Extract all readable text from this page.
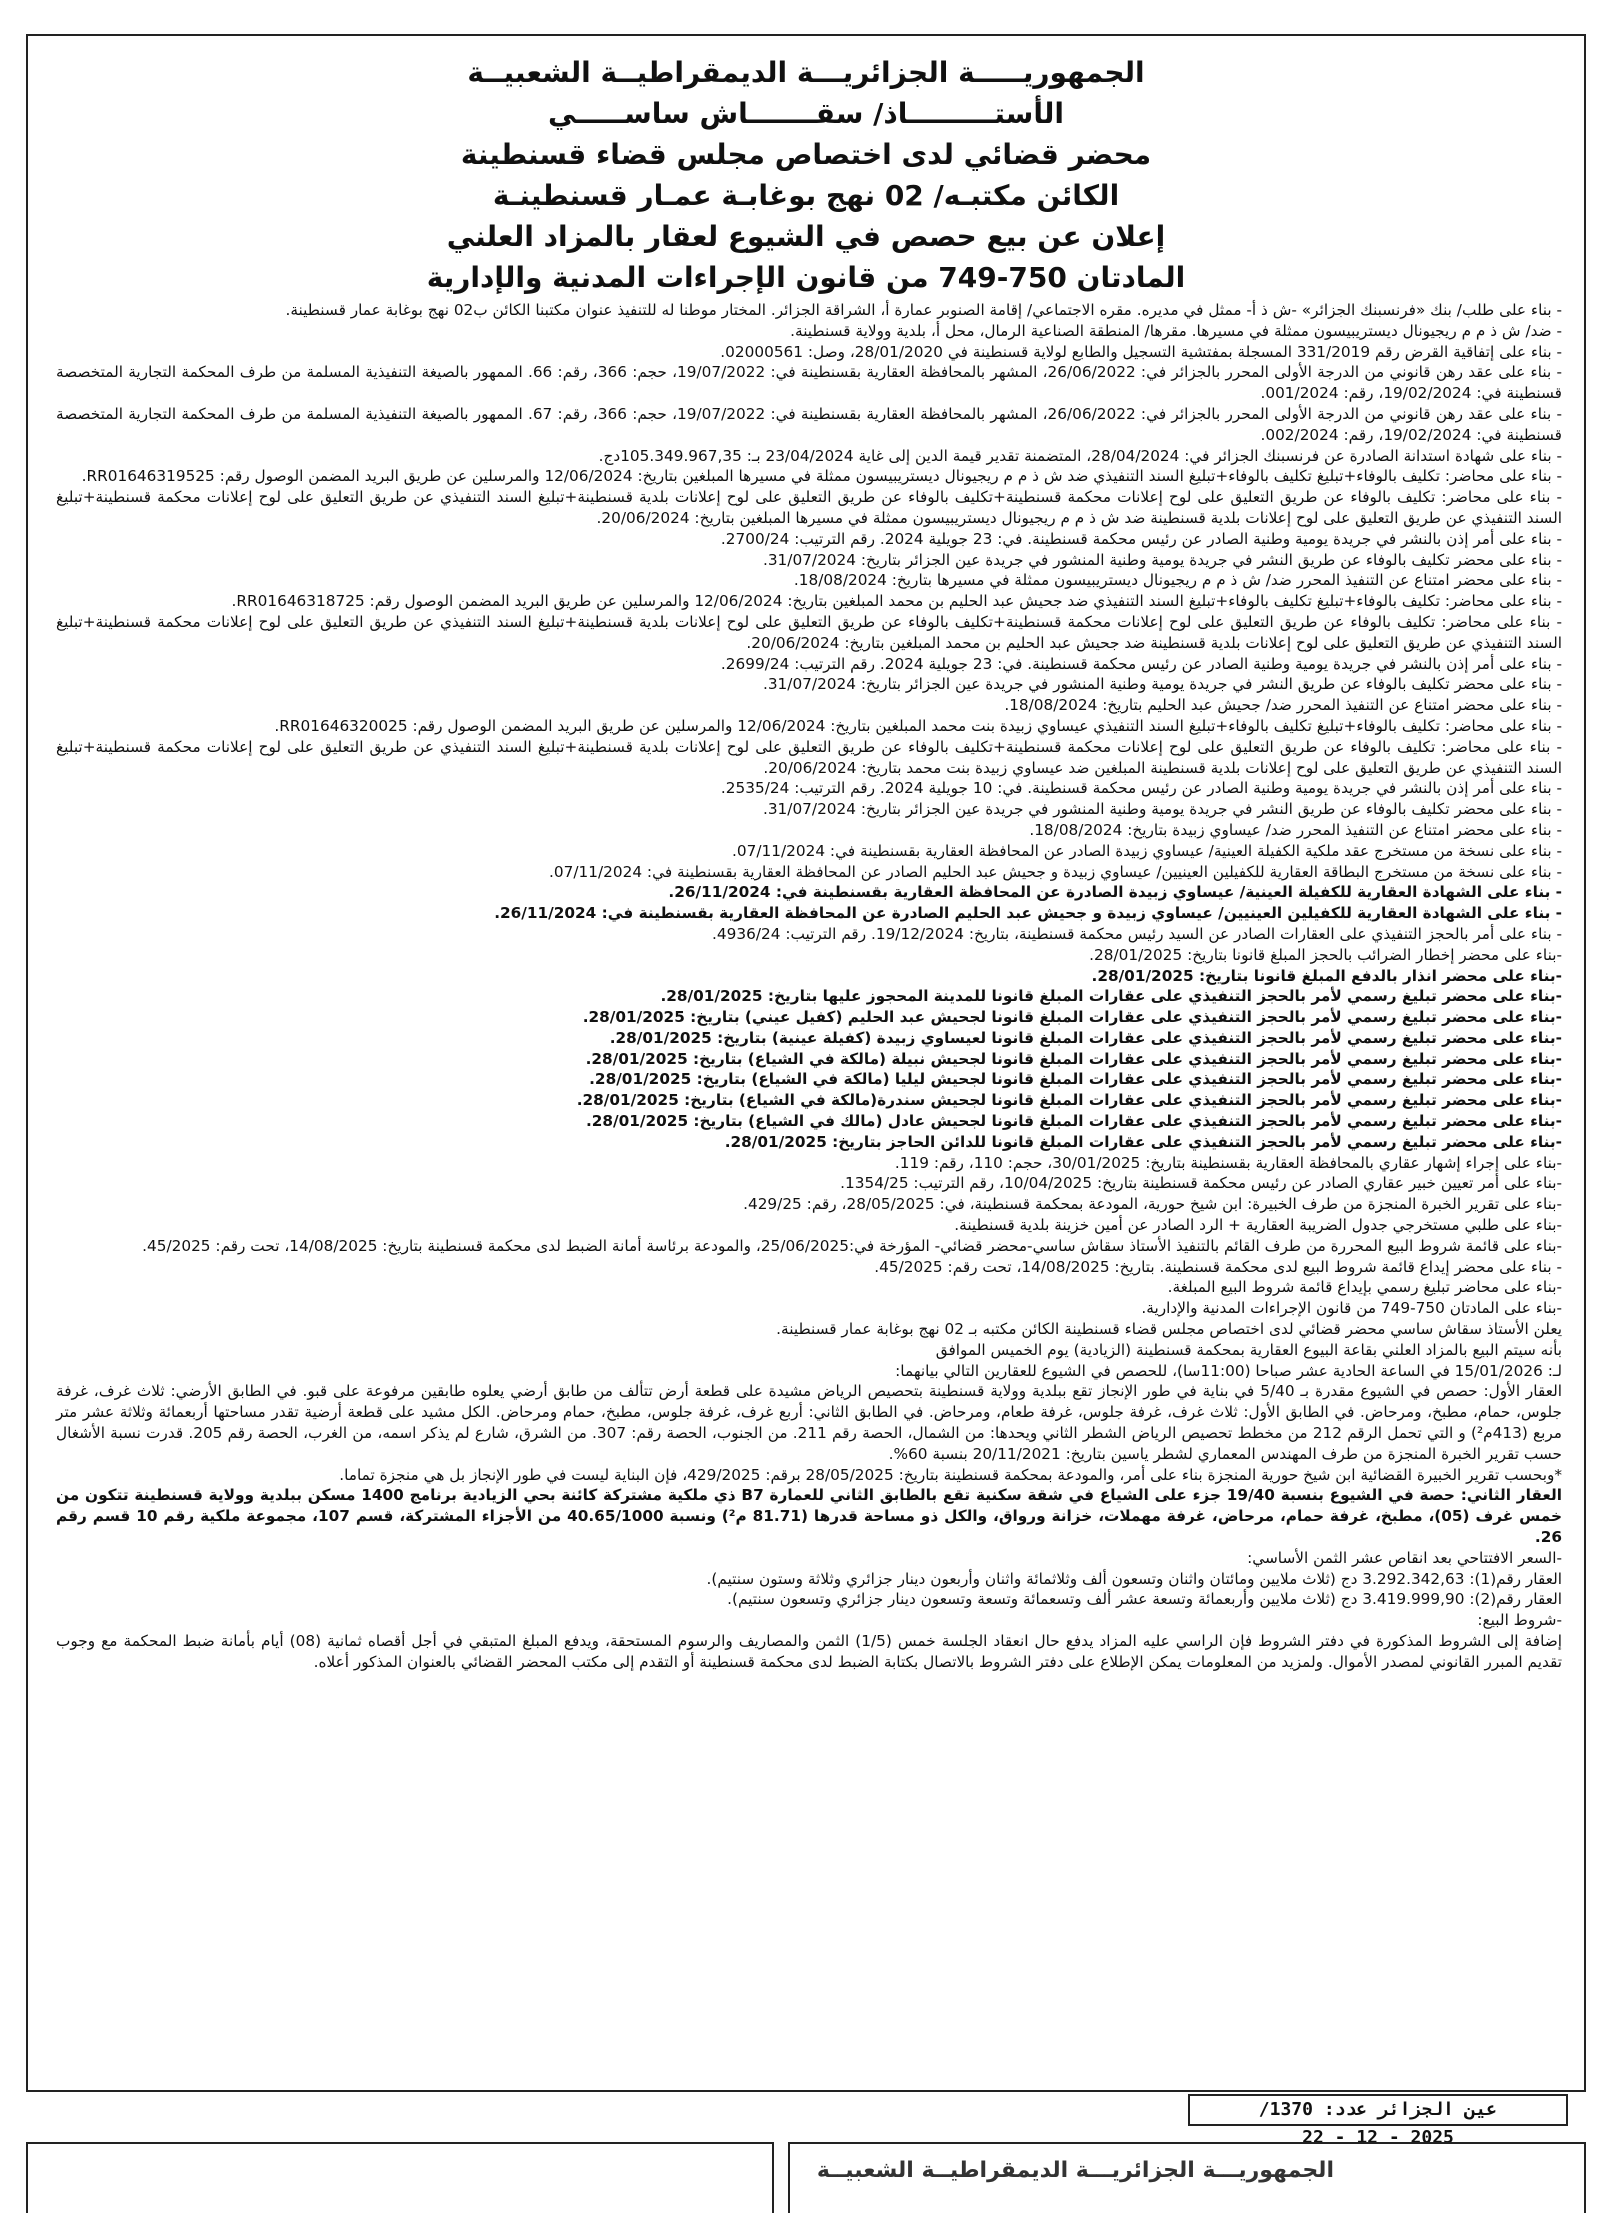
الجمهوريـــــة الجزائريـــة الديمقراطيــة الشعبيــة

الأستـــــــــاذ/ سقـــــــاش ساســـــي

محضر قضائي لدى اختصاص مجلس قضاء قسنطينة

الكائن مكتبـه/ 02 نهج بوغابـة عمـار قسنطينـة

إعلان عن بيع حصص في الشيوع لعقار بالمزاد العلني

المادتان 750-749 من قانون الإجراءات المدنية والإدارية

- بناء على طلب/ بنك «فرنسبنك الجزائر» -ش ذ أ- ممثل في مديره. مقره الاجتماعي/ إقامة الصنوبر عمارة أ، الشراقة الجزائر. المختار موطنا له للتنفيذ عنوان مكتبنا الكائن ب02 نهج بوغابة عمار قسنطينة.

- ضد/ ش ذ م م ريجيونال ديستريبيسون ممثلة في مسيرها. مقرها/ المنطقة الصناعية الرمال، محل أ، بلدية وولاية قسنطينة.

- بناء على إتفاقية القرض رقم 331/2019 المسجلة بمفتشية التسجيل والطابع لولاية قسنطينة في 28/01/2020، وصل: 02000561.

- بناء على عقد رهن قانوني من الدرجة الأولى المحرر بالجزائر في: 26/06/2022، المشهر بالمحافظة العقارية بقسنطينة في: 19/07/2022، حجم: 366، رقم: 66. الممهور بالصيغة التنفيذية المسلمة من طرف المحكمة التجارية المتخصصة قسنطينة في: 19/02/2024، رقم: 001/2024.

- بناء على عقد رهن قانوني من الدرجة الأولى المحرر بالجزائر في: 26/06/2022، المشهر بالمحافظة العقارية بقسنطينة في: 19/07/2022، حجم: 366، رقم: 67. الممهور بالصيغة التنفيذية المسلمة من طرف المحكمة التجارية المتخصصة قسنطينة في: 19/02/2024، رقم: 002/2024.

- بناء على شهادة استدانة الصادرة عن فرنسبنك الجزائر في: 28/04/2024، المتضمنة تقدير قيمة الدين إلى غاية 23/04/2024 بـ: 105.349.967,35دج.

- بناء على محاضر: تكليف بالوفاء+تبليغ تكليف بالوفاء+تبليغ السند التنفيذي ضد ش ذ م م ريجيونال ديستريبيسون ممثلة في مسيرها المبلغين بتاريخ: 12/06/2024 والمرسلين عن طريق البريد المضمن الوصول رقم: RR01646319525.

- بناء على محاضر: تكليف بالوفاء عن طريق التعليق على لوح إعلانات محكمة قسنطينة+تكليف بالوفاء عن طريق التعليق على لوح إعلانات بلدية قسنطينة+تبليغ السند التنفيذي عن طريق التعليق على لوح إعلانات محكمة قسنطينة+تبليغ السند التنفيذي عن طريق التعليق على لوح إعلانات بلدية قسنطينة ضد ش ذ م م ريجيونال ديستريبيسون ممثلة في مسيرها المبلغين بتاريخ: 20/06/2024.

- بناء على أمر إذن بالنشر في جريدة يومية وطنية الصادر عن رئيس محكمة قسنطينة. في: 23 جويلية 2024. رقم الترتيب: 2700/24.

- بناء على محضر تكليف بالوفاء عن طريق النشر في جريدة يومية وطنية المنشور في جريدة عين الجزائر بتاريخ: 31/07/2024.

- بناء على محضر امتناع عن التنفيذ المحرر ضد/ ش ذ م م ريجيونال ديستريبيسون ممثلة في مسيرها بتاريخ: 18/08/2024.

- بناء على محاضر: تكليف بالوفاء+تبليغ تكليف بالوفاء+تبليغ السند التنفيذي ضد جحيش عبد الحليم بن محمد المبلغين بتاريخ: 12/06/2024 والمرسلين عن طريق البريد المضمن الوصول رقم: RR01646318725.

- بناء على محاضر: تكليف بالوفاء عن طريق التعليق على لوح إعلانات محكمة قسنطينة+تكليف بالوفاء عن طريق التعليق على لوح إعلانات بلدية قسنطينة+تبليغ السند التنفيذي عن طريق التعليق على لوح إعلانات محكمة قسنطينة+تبليغ السند التنفيذي عن طريق التعليق على لوح إعلانات بلدية قسنطينة ضد جحيش عبد الحليم بن محمد المبلغين بتاريخ: 20/06/2024.

- بناء على أمر إذن بالنشر في جريدة يومية وطنية الصادر عن رئيس محكمة قسنطينة. في: 23 جويلية 2024. رقم الترتيب: 2699/24.

- بناء على محضر تكليف بالوفاء عن طريق النشر في جريدة يومية وطنية المنشور في جريدة عين الجزائر بتاريخ: 31/07/2024.

- بناء على محضر امتناع عن التنفيذ المحرر ضد/ جحيش عبد الحليم بتاريخ: 18/08/2024.

- بناء على محاضر: تكليف بالوفاء+تبليغ تكليف بالوفاء+تبليغ السند التنفيذي عيساوي زبيدة بنت محمد المبلغين بتاريخ: 12/06/2024 والمرسلين عن طريق البريد المضمن الوصول رقم: RR01646320025.

- بناء على محاضر: تكليف بالوفاء عن طريق التعليق على لوح إعلانات محكمة قسنطينة+تكليف بالوفاء عن طريق التعليق على لوح إعلانات بلدية قسنطينة+تبليغ السند التنفيذي عن طريق التعليق على لوح إعلانات محكمة قسنطينة+تبليغ السند التنفيذي عن طريق التعليق على لوح إعلانات بلدية قسنطينة المبلغين ضد عيساوي زبيدة بنت محمد بتاريخ: 20/06/2024.

- بناء على أمر إذن بالنشر في جريدة يومية وطنية الصادر عن رئيس محكمة قسنطينة. في: 10 جويلية 2024. رقم الترتيب: 2535/24.

- بناء على محضر تكليف بالوفاء عن طريق النشر في جريدة يومية وطنية المنشور في جريدة عين الجزائر بتاريخ: 31/07/2024.

- بناء على محضر امتناع عن التنفيذ المحرر ضد/ عيساوي زبيدة بتاريخ: 18/08/2024.

- بناء على نسخة من مستخرج عقد ملكية الكفيلة العينية/ عيساوي زبيدة الصادر عن المحافظة العقارية بقسنطينة في: 07/11/2024.

- بناء على نسخة من مستخرج البطاقة العقارية للكفيلين العينيين/ عيساوي زبيدة و جحيش عبد الحليم الصادر عن المحافظة العقارية بقسنطينة في: 07/11/2024.

- بناء على الشهادة العقارية للكفيلة العينية/ عيساوي زبيدة الصادرة عن المحافظة العقارية بقسنطينة في: 26/11/2024.

- بناء على الشهادة العقارية للكفيلين العينيين/ عيساوي زبيدة و جحيش عبد الحليم الصادرة عن المحافظة العقارية بقسنطينة في: 26/11/2024.

- بناء على أمر بالحجز التنفيذي على العقارات الصادر عن السيد رئيس محكمة قسنطينة، بتاريخ: 19/12/2024. رقم الترتيب: 4936/24.

-بناء على محضر إخطار الضرائب بالحجز المبلغ قانونا بتاريخ: 28/01/2025.

-بناء على محضر انذار بالدفع المبلغ قانونا بتاريخ: 28/01/2025.

-بناء على محضر تبليغ رسمي لأمر بالحجز التنفيذي على عقارات المبلغ قانونا للمدينة المحجوز عليها بتاريخ: 28/01/2025.

-بناء على محضر تبليغ رسمي لأمر بالحجز التنفيذي على عقارات المبلغ قانونا لجحيش عبد الحليم (كفيل عيني) بتاريخ: 28/01/2025.

-بناء على محضر تبليغ رسمي لأمر بالحجز التنفيذي على عقارات المبلغ قانونا لعيساوي زبيدة (كفيلة عينية) بتاريخ: 28/01/2025.

-بناء على محضر تبليغ رسمي لأمر بالحجز التنفيذي على عقارات المبلغ قانونا لجحيش نبيلة (مالكة في الشياع) بتاريخ: 28/01/2025.

-بناء على محضر تبليغ رسمي لأمر بالحجز التنفيذي على عقارات المبلغ قانونا لجحيش ليليا (مالكة في الشياع) بتاريخ: 28/01/2025.

-بناء على محضر تبليغ رسمي لأمر بالحجز التنفيذي على عقارات المبلغ قانونا لجحيش سندرة(مالكة في الشياع) بتاريخ: 28/01/2025.

-بناء على محضر تبليغ رسمي لأمر بالحجز التنفيذي على عقارات المبلغ قانونا لجحيش عادل (مالك في الشياع) بتاريخ: 28/01/2025.

-بناء على محضر تبليغ رسمي لأمر بالحجز التنفيذي على عقارات المبلغ قانونا للدائن الحاجز بتاريخ: 28/01/2025.

-بناء على إجراء إشهار عقاري بالمحافظة العقارية بقسنطينة بتاريخ: 30/01/2025، حجم: 110، رقم: 119.

-بناء على أمر تعيين خبير عقاري الصادر عن رئيس محكمة قسنطينة بتاريخ: 10/04/2025، رقم الترتيب: 1354/25.

-بناء على تقرير الخبرة المنجزة من طرف الخبيرة: ابن شيخ حورية، المودعة بمحكمة قسنطينة، في: 28/05/2025، رقم: 429/25.

-بناء على طلبي مستخرجي جدول الضريبة العقارية + الرد الصادر عن أمين خزينة بلدية قسنطينة.

-بناء على قائمة شروط البيع المحررة من طرف القائم بالتنفيذ الأستاذ سقاش ساسي-محضر قضائي- المؤرخة في:25/06/2025، والمودعة برئاسة أمانة الضبط لدى محكمة قسنطينة بتاريخ: 14/08/2025، تحت رقم: 45/2025.

- بناء على محضر إيداع قائمة شروط البيع لدى محكمة قسنطينة. بتاريخ: 14/08/2025، تحت رقم: 45/2025.

-بناء على محاضر تبليغ رسمي بإيداع قائمة شروط البيع المبلغة.

-بناء على المادتان 750-749 من قانون الإجراءات المدنية والإدارية.

يعلن الأستاذ سقاش ساسي محضر قضائي لدى اختصاص مجلس قضاء قسنطينة الكائن مكتبه بـ 02 نهج بوغابة عمار قسنطينة.

بأنه سيتم البيع بالمزاد العلني بقاعة البيوع العقارية بمحكمة قسنطينة (الزيادية) يوم الخميس الموافق

لـ: 15/01/2026 في الساعة الحادية عشر صباحا (11:00سا)، للحصص في الشيوع للعقارين التالي بيانهما:

العقار الأول: حصص في الشيوع مقدرة بـ 5/40 في بناية في طور الإنجاز تقع ببلدية وولاية قسنطينة بتحصيص الرياض مشيدة على قطعة أرض تتألف من طابق أرضي يعلوه طابقين مرفوعة على قبو. في الطابق الأرضي: ثلاث غرف، غرفة جلوس، حمام، مطبخ، ومرحاض. في الطابق الأول: ثلاث غرف، غرفة جلوس، غرفة طعام، ومرحاض. في الطابق الثاني: أربع غرف، غرفة جلوس، مطبخ، حمام ومرحاض. الكل مشيد على قطعة أرضية تقدر مساحتها أربعمائة وثلاثة عشر متر مربع (413م²) و التي تحمل الرقم 212 من مخطط تحصيص الرياض الشطر الثاني ويحدها: من الشمال، الحصة رقم 211. من الجنوب، الحصة رقم: 307. من الشرق، شارع لم يذكر اسمه، من الغرب، الحصة رقم 205. قدرت نسبة الأشغال حسب تقرير الخبرة المنجزة من طرف المهندس المعماري لشطر ياسين بتاريخ: 20/11/2021 بنسبة 60%.

*وبحسب تقرير الخبيرة القضائية ابن شيخ حورية المنجزة بناء على أمر، والمودعة بمحكمة قسنطينة بتاريخ: 28/05/2025 برقم: 429/2025، فإن البناية ليست في طور الإنجاز بل هي منجزة تماما.

العقار الثاني: حصة في الشيوع بنسبة 19/40 جزء على الشياع في شقة سكنية تقع بالطابق الثاني للعمارة B7 ذي ملكية مشتركة كائنة بحي الزيادية برنامج 1400 مسكن ببلدية وولاية قسنطينة تتكون من خمس غرف (05)، مطبخ، غرفة حمام، مرحاض، غرفة مهملات، خزانة ورواق، والكل ذو مساحة قدرها (81.71 م²) ونسبة 40.65/1000 من الأجزاء المشتركة، قسم 107، مجموعة ملكية رقم 10 قسم رقم 26.

-السعر الافتتاحي بعد انقاص عشر الثمن الأساسي:

العقار رقم(1): 3.292.342,63 دج (ثلاث ملايين ومائتان واثنان وتسعون ألف وثلاثمائة واثنان وأربعون دينار جزائري وثلاثة وستون سنتيم).

العقار رقم(2): 3.419.999,90 دج (ثلاث ملايين وأربعمائة وتسعة عشر ألف وتسعمائة وتسعة وتسعون دينار جزائري وتسعون سنتيم).

-شروط البيع:

إضافة إلى الشروط المذكورة في دفتر الشروط فإن الراسي عليه المزاد يدفع حال انعقاد الجلسة خمس (1/5) الثمن والمصاريف والرسوم المستحقة، ويدفع المبلغ المتبقي في أجل أقصاه ثمانية (08) أيام بأمانة ضبط المحكمة مع وجوب تقديم المبرر القانوني لمصدر الأموال. ولمزيد من المعلومات يمكن الإطلاع على دفتر الشروط بالاتصال بكتابة الضبط لدى محكمة قسنطينة أو التقدم إلى مكتب المحضر القضائي بالعنوان المذكور أعلاه.

عين الجزائر عدد: 1370/ 2025 - 12 - 22
الجمهوريـــة الجزائريـــة الديمقراطيــة الشعبيــة
